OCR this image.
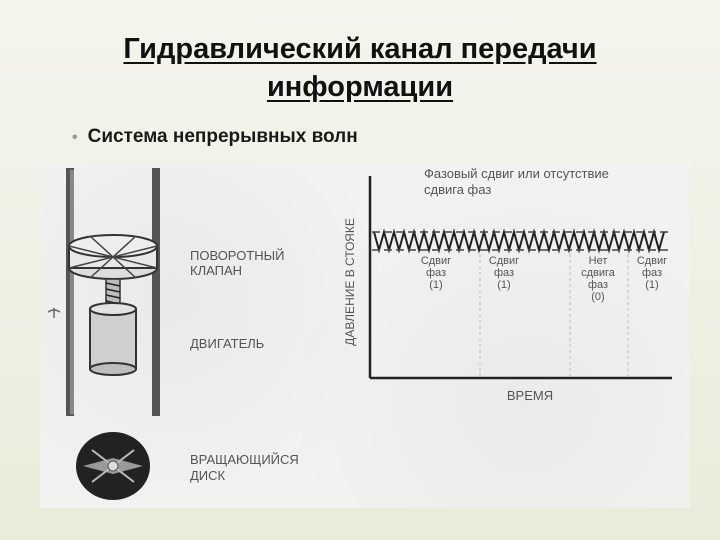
Гидравлический канал передачи
информации
• Система непрерывных волн
ПОВОРОТНЫЙ
КЛАПАН
ДВИГАТЕЛЬ
ВРАЩАЮЩИЙСЯ
ДИСК
Фазовый сдвиг или отсутствие
сдвига фаз
ДАВЛЕНИЕ В СТОЯКЕ	Сдвиг
фаз
(1)
Сдвиг
фаз
(1)
Нет
сдвига
фаз
(0)
Сдвиг
фаз
(1)
ВРЕМЯ
